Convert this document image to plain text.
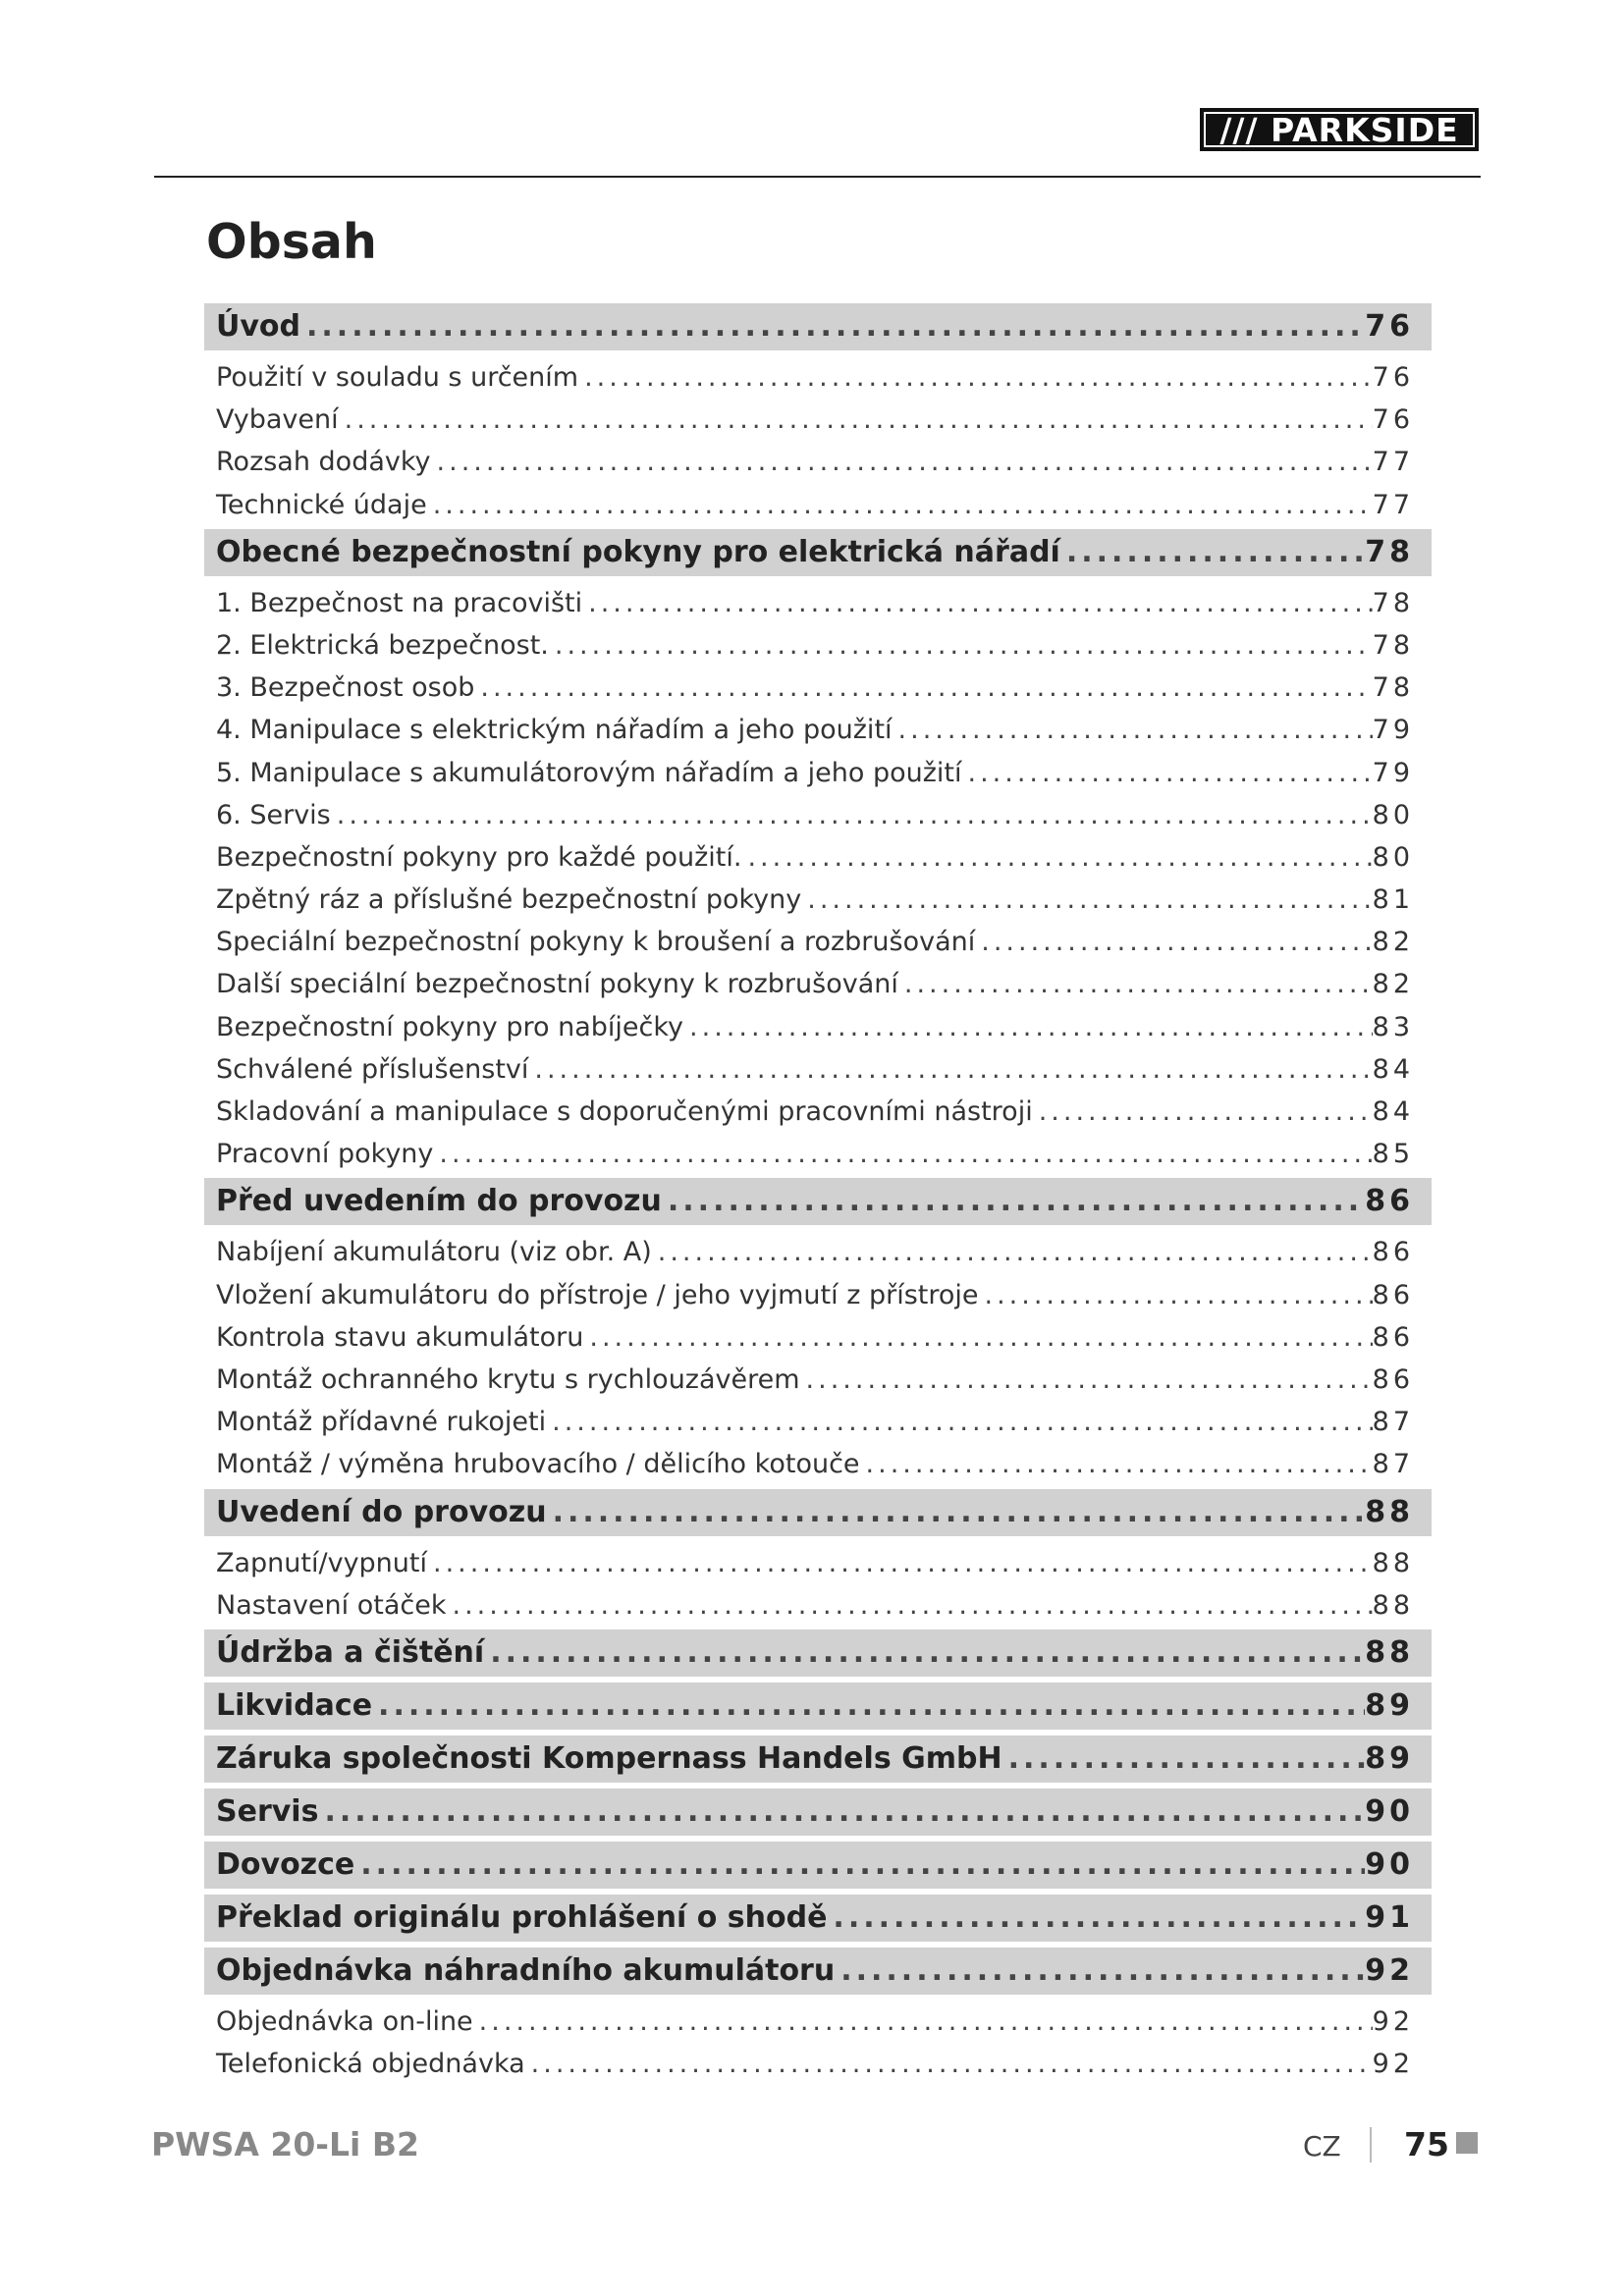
/// PARKSIDE
Obsah
Úvod .....	76
Použití v souladu s určením .....	76
Vybavení .....	76
Rozsah dodávky .....	77
Technické údaje .....	77
Obecné bezpečnostní pokyny pro elektrická nářadí .....	78
1. Bezpečnost na pracovišti .....	78
2. Elektrická bezpečnost. .....	78
3. Bezpečnost osob .....	78
4. Manipulace s elektrickým nářadím a jeho použití .....	79
5. Manipulace s akumulátorovým nářadím a jeho použití .....	79
6. Servis .....	80
Bezpečnostní pokyny pro každé použití. .....	80
Zpětný ráz a příslušné bezpečnostní pokyny .....	81
Speciální bezpečnostní pokyny k broušení a rozbrušování .....	82
Další speciální bezpečnostní pokyny k rozbrušování .....	82
Bezpečnostní pokyny pro nabíječky .....	83
Schválené příslušenství .....	84
Skladování a manipulace s doporučenými pracovními nástroji .....	84
Pracovní pokyny .....	85
Před uvedením do provozu .....	86
Nabíjení akumulátoru (viz obr. A) .....	86
Vložení akumulátoru do přístroje / jeho vyjmutí z přístroje .....	86
Kontrola stavu akumulátoru .....	86
Montáž ochranného krytu s rychlouzávěrem .....	86
Montáž přídavné rukojeti .....	87
Montáž / výměna hrubovacího / dělicího kotouče .....	87
Uvedení do provozu .....	88
Zapnutí/vypnutí .....	88
Nastavení otáček .....	88
Údržba a čištění .....	88
Likvidace .....	89
Záruka společnosti Kompernass Handels GmbH .....	89
Servis .....	90
Dovozce .....	90
Překlad originálu prohlášení o shodě .....	91
Objednávka náhradního akumulátoru .....	92
Objednávka on-line .....	92
Telefonická objednávka .....	92

PWSA 20-Li B2	CZ 75
